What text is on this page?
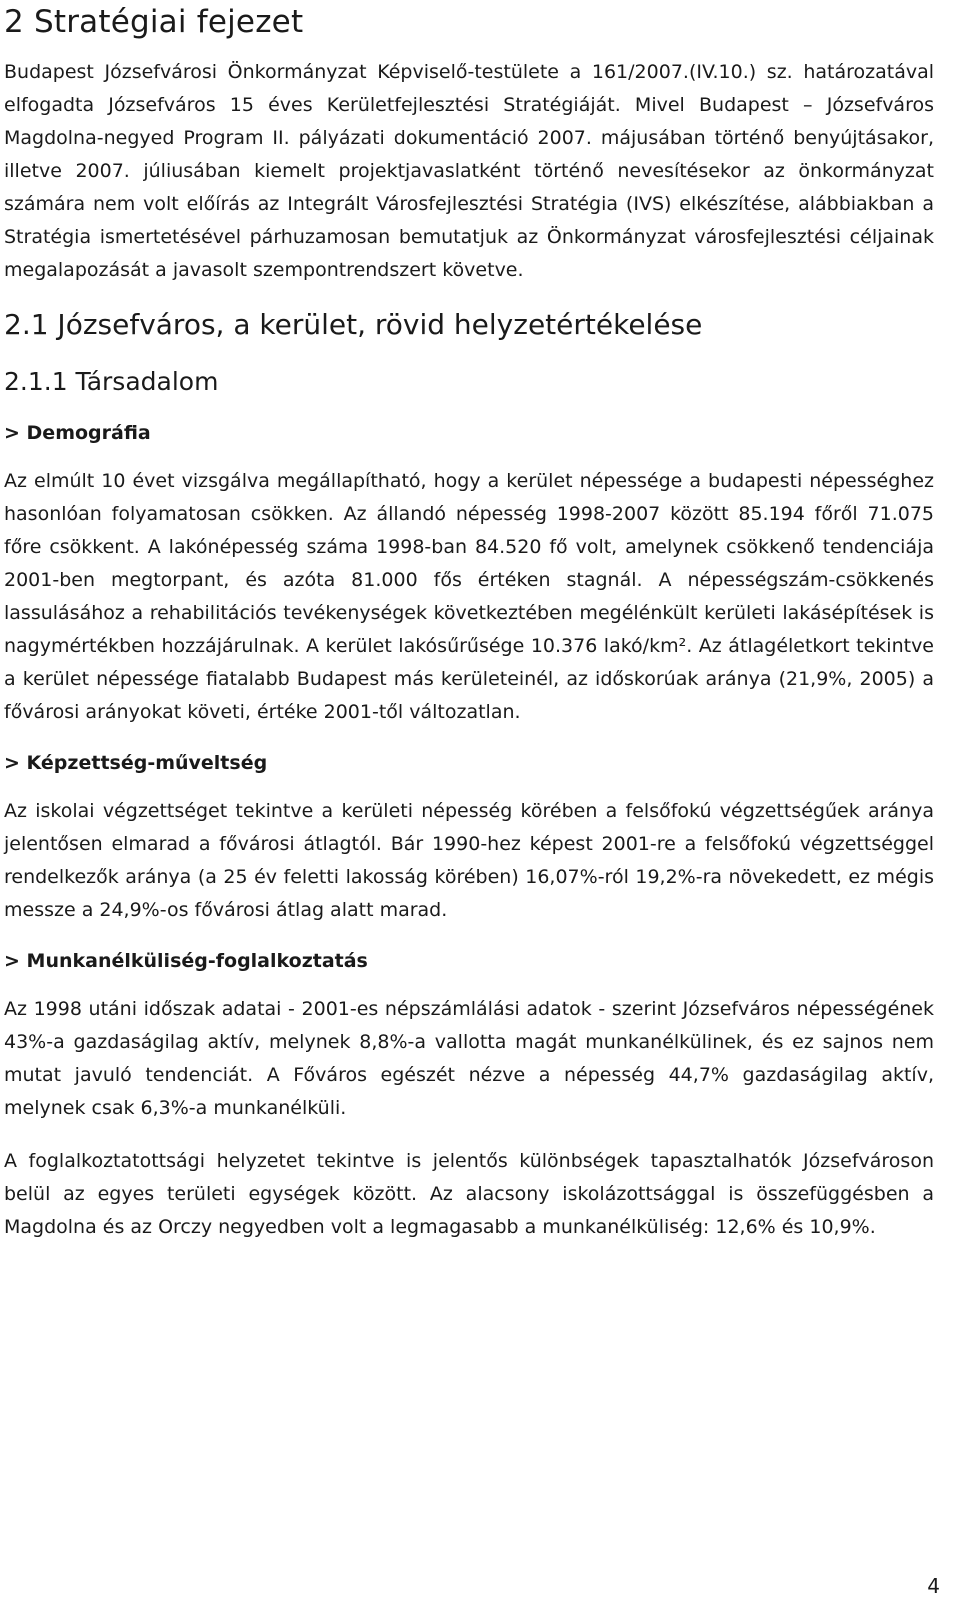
2 Stratégiai fejezet

Budapest Józsefvárosi Önkormányzat Képviselő-testülete a 161/2007.(IV.10.) sz. határozatával elfogadta Józsefváros 15 éves Kerületfejlesztési Stratégiáját. Mivel Budapest – Józsefváros Magdolna-negyed Program II. pályázati dokumentáció 2007. májusában történő benyújtásakor, illetve 2007. júliusában kiemelt projektjavaslatként történő nevesítésekor az önkormányzat számára nem volt előírás az Integrált Városfejlesztési Stratégia (IVS) elkészítése, alábbiakban a Stratégia ismertetésével párhuzamosan bemutatjuk az Önkormányzat városfejlesztési céljainak megalapozását a javasolt szempontrendszert követve.

2.1 Józsefváros, a kerület, rövid helyzetértékelése
2.1.1 Társadalom
> Demográfia

Az elmúlt 10 évet vizsgálva megállapítható, hogy a kerület népessége a budapesti népességhez hasonlóan folyamatosan csökken. Az állandó népesség 1998-2007 között 85.194 főről 71.075 főre csökkent. A lakónépesség száma 1998-ban 84.520 fő volt, amelynek csökkenő tendenciája 2001-ben megtorpant, és azóta 81.000 fős értéken stagnál. A népességszám-csökkenés lassulásához a rehabilitációs tevékenységek következtében megélénkült kerületi lakásépítések is nagymértékben hozzájárulnak. A kerület lakósűrűsége 10.376 lakó/km². Az átlagéletkort tekintve a kerület népessége fiatalabb Budapest más kerületeinél, az időskorúak aránya (21,9%, 2005) a fővárosi arányokat követi, értéke 2001-től változatlan.

> Képzettség-műveltség

Az iskolai végzettséget tekintve a kerületi népesség körében a felsőfokú végzettségűek aránya jelentősen elmarad a fővárosi átlagtól. Bár 1990-hez képest 2001-re a felsőfokú végzettséggel rendelkezők aránya (a 25 év feletti lakosság körében) 16,07%-ról 19,2%-ra növekedett, ez mégis messze a 24,9%-os fővárosi átlag alatt marad.

> Munkanélküliség-foglalkoztatás

Az 1998 utáni időszak adatai - 2001-es népszámlálási adatok - szerint Józsefváros népességének 43%-a gazdaságilag aktív, melynek 8,8%-a vallotta magát munkanélkülinek, és ez sajnos nem mutat javuló tendenciát. A Főváros egészét nézve a népesség 44,7% gazdaságilag aktív, melynek csak 6,3%-a munkanélküli.

A foglalkoztatottsági helyzetet tekintve is jelentős különbségek tapasztalhatók Józsefvároson belül az egyes területi egységek között. Az alacsony iskolázottsággal is összefüggésben a Magdolna és az Orczy negyedben volt a legmagasabb a munkanélküliség: 12,6% és 10,9%.

4
